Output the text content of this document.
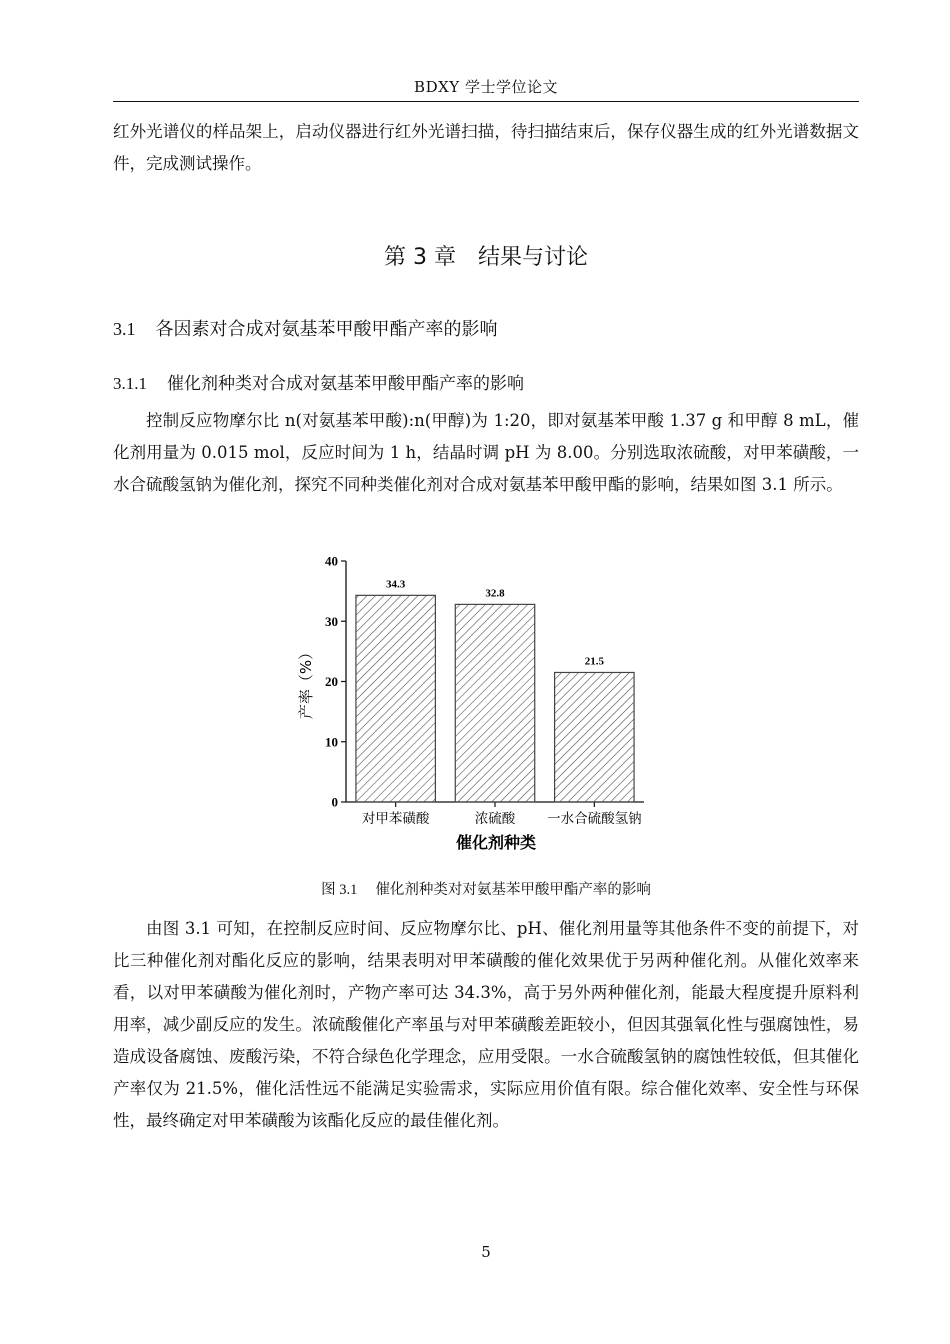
BDXY 学士学位论文
红外光谱仪的样品架上，启动仪器进行红外光谱扫描，待扫描结束后，保存仪器生成的红外光谱数据文件，完成测试操作。
第 3 章　结果与讨论
3.1 各因素对合成对氨基苯甲酸甲酯产率的影响
3.1.1 催化剂种类对合成对氨基苯甲酸甲酯产率的影响
控制反应物摩尔比 n(对氨基苯甲酸):n(甲醇)为 1:20，即对氨基苯甲酸 1.37 g 和甲醇 8 mL，催化剂用量为 0.015 mol，反应时间为 1 h，结晶时调 pH 为 8.00。分别选取浓硫酸，对甲苯磺酸，一水合硫酸氢钠为催化剂，探究不同种类催化剂对合成对氨基苯甲酸甲酯的影响，结果如图 3.1 所示。
0
10
20
30
40
34.3
对甲苯磺酸
32.8
浓硫酸
21.5
一水合硫酸氢钠
催化剂种类
产率（%）
图 3.1 催化剂种类对对氨基苯甲酸甲酯产率的影响
由图 3.1 可知，在控制反应时间、反应物摩尔比、pH、催化剂用量等其他条件不变的前提下，对比三种催化剂对酯化反应的影响，结果表明对甲苯磺酸的催化效果优于另两种催化剂。从催化效率来看，以对甲苯磺酸为催化剂时，产物产率可达 34.3%，高于另外两种催化剂，能最大程度提升原料利用率，减少副反应的发生。浓硫酸催化产率虽与对甲苯磺酸差距较小，但因其强氧化性与强腐蚀性，易造成设备腐蚀、废酸污染，不符合绿色化学理念，应用受限。一水合硫酸氢钠的腐蚀性较低，但其催化产率仅为 21.5%，催化活性远不能满足实验需求，实际应用价值有限。综合催化效率、安全性与环保性，最终确定对甲苯磺酸为该酯化反应的最佳催化剂。
5
